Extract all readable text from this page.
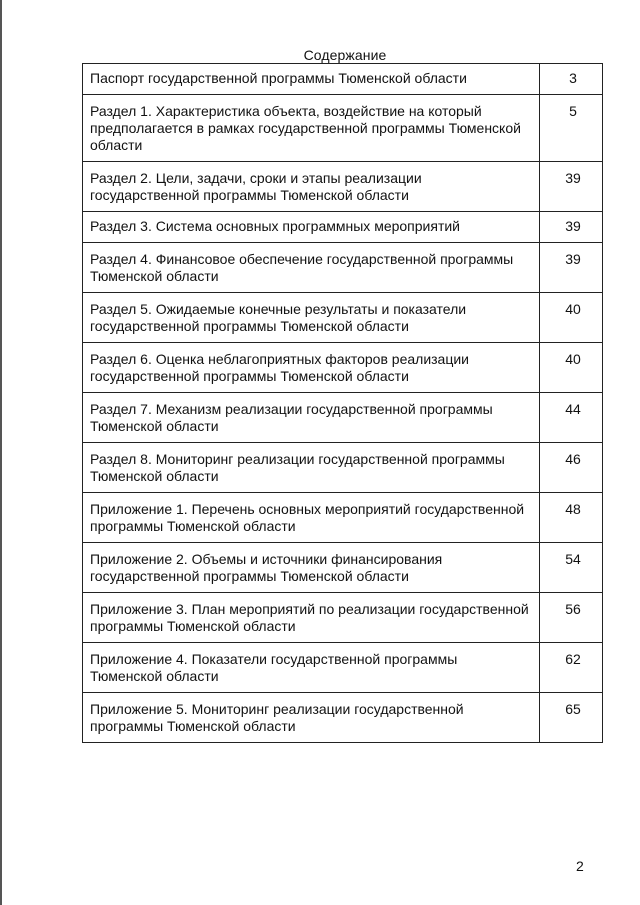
Содержание
Паспорт государственной программы Тюменской области	3
Раздел 1. Характеристика объекта, воздействие на который предполагается в рамках государственной программы Тюменской области	5
Раздел 2. Цели, задачи, сроки и этапы реализации государственной программы Тюменской области	39
Раздел 3. Система основных программных мероприятий	39
Раздел 4. Финансовое обеспечение государственной программы Тюменской области	39
Раздел 5. Ожидаемые конечные результаты и показатели государственной программы Тюменской области	40
Раздел 6. Оценка неблагоприятных факторов реализации государственной программы Тюменской области	40
Раздел 7. Механизм реализации государственной программы Тюменской области	44
Раздел 8. Мониторинг реализации государственной программы Тюменской области	46
Приложение 1. Перечень основных мероприятий государственной программы Тюменской области	48
Приложение 2. Объемы и источники финансирования государственной программы Тюменской области	54
Приложение 3. План мероприятий по реализации государственной программы Тюменской области	56
Приложение 4. Показатели государственной программы Тюменской области	62
Приложение 5. Мониторинг реализации государственной программы Тюменской области	65
2
